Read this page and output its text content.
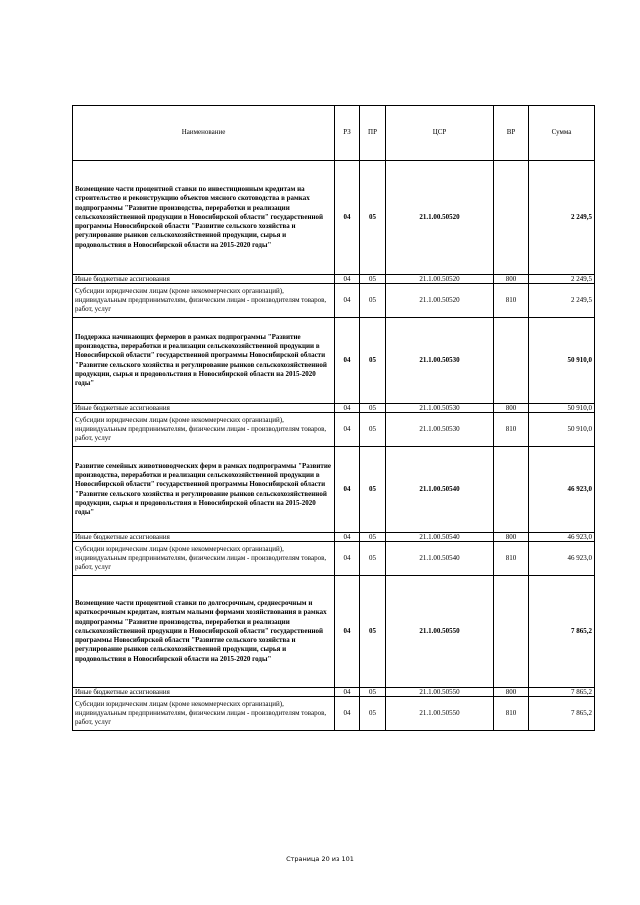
Наименование	РЗ	ПР	ЦСР	ВР	Сумма
Возмещение части процентной ставки по инвестиционным кредитам на строительство и реконструкцию объектов мясного скотоводства в рамках подпрограммы "Развитие производства, переработки и реализации сельскохозяйственной продукции в Новосибирской области" государственной программы Новосибирской области "Развитие сельского хозяйства и регулирование рынков сельскохозяйственной продукции, сырья и продовольствия в Новосибирской области на 2015-2020 годы"	04	05	21.1.00.50520		2 249,5
Иные бюджетные ассигнования	04	05	21.1.00.50520	800	2 249,5
Субсидии юридическим лицам (кроме некоммерческих организаций), индивидуальным предпринимателям, физическим лицам - производителям товаров, работ, услуг	04	05	21.1.00.50520	810	2 249,5
Поддержка начинающих фермеров в рамках подпрограммы "Развитие производства, переработки и реализации сельскохозяйственной продукции в Новосибирской области" государственной программы Новосибирской области "Развитие сельского хозяйства и регулирование рынков сельскохозяйственной продукции, сырья и продовольствия в Новосибирской области на 2015-2020 годы"	04	05	21.1.00.50530		50 910,0
Иные бюджетные ассигнования	04	05	21.1.00.50530	800	50 910,0
Субсидии юридическим лицам (кроме некоммерческих организаций), индивидуальным предпринимателям, физическим лицам - производителям товаров, работ, услуг	04	05	21.1.00.50530	810	50 910,0
Развитие семейных животноводческих ферм в рамках подпрограммы "Развитие производства, переработки и реализации сельскохозяйственной продукции в Новосибирской области" государственной программы Новосибирской области "Развитие сельского хозяйства и регулирование рынков сельскохозяйственной продукции, сырья и продовольствия в Новосибирской области на 2015-2020 годы"	04	05	21.1.00.50540		46 923,0
Иные бюджетные ассигнования	04	05	21.1.00.50540	800	46 923,0
Субсидии юридическим лицам (кроме некоммерческих организаций), индивидуальным предпринимателям, физическим лицам - производителям товаров, работ, услуг	04	05	21.1.00.50540	810	46 923,0
Возмещение части процентной ставки по долгосрочным, среднесрочным и краткосрочным кредитам, взятым малыми формами хозяйствования в рамках подпрограммы "Развитие производства, переработки и реализации сельскохозяйственной продукции в Новосибирской области" государственной программы Новосибирской области "Развитие сельского хозяйства и регулирование рынков сельскохозяйственной продукции, сырья и продовольствия в Новосибирской области на 2015-2020 годы"	04	05	21.1.00.50550		7 865,2
Иные бюджетные ассигнования	04	05	21.1.00.50550	800	7 865,2
Субсидии юридическим лицам (кроме некоммерческих организаций), индивидуальным предпринимателям, физическим лицам - производителям товаров, работ, услуг	04	05	21.1.00.50550	810	7 865,2
Страница 20 из 101
